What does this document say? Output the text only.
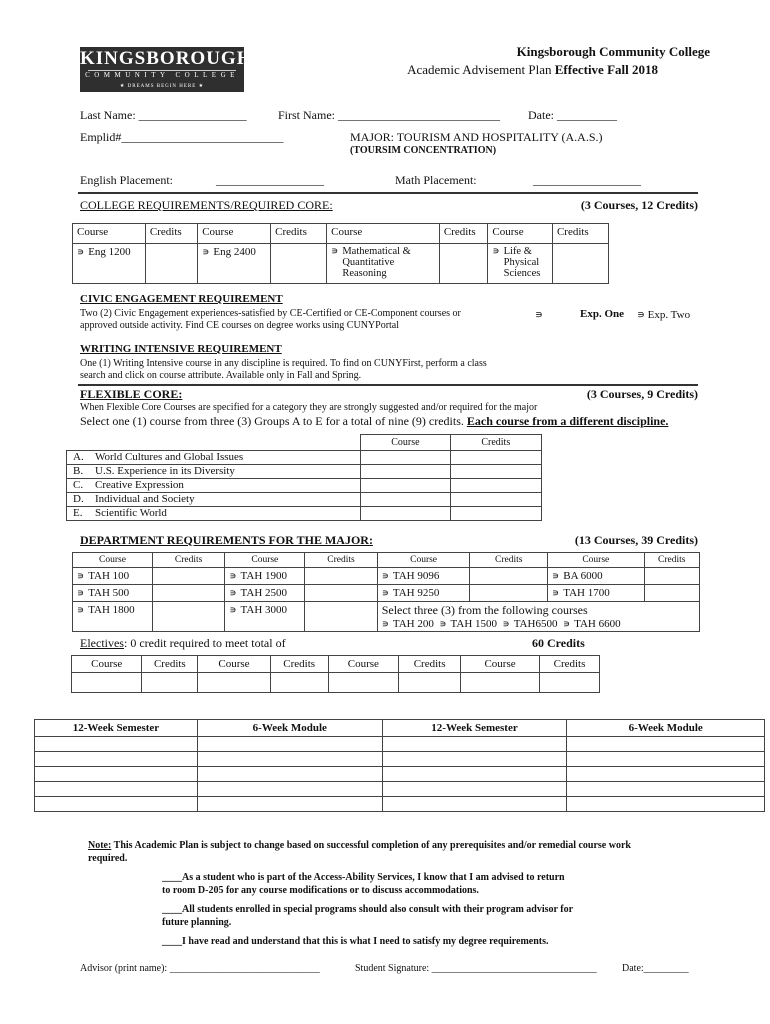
KINGSBOROUGH
COMMUNITY COLLEGE
★ DREAMS BEGIN HERE ★
Kingsborough Community College
Academic Advisement Plan Effective Fall 2018
Last Name: __________________	First Name: ___________________________ Date: __________
Emplid#___________________________	MAJOR: TOURISM AND HOSPITALITY (A.A.S.)
(TOURSIM CONCENTRATION)
English Placement:	__________________	Math Placement:	__________________
COLLEGE REQUIREMENTS/REQUIRED CORE:	(3 Courses, 12 Credits)
Course	Credits	Course	Credits	Course	Credits	Course	Credits
∍ Eng 1200		∍ Eng 2400		∍ Mathematical & Quantitative Reasoning		∍ Life & Physical Sciences	

CIVIC ENGAGEMENT REQUIREMENT
Two (2) Civic Engagement experiences-satisfied by CE-Certified or CE-Component courses or
approved outside activity. Find CE courses on degree works using CUNYPortal
∍	Exp. One ∍ Exp. Two
WRITING INTENSIVE REQUIREMENT
One (1) Writing Intensive course in any discipline is required. To find on CUNYFirst, perform a class
search and click on course attribute. Available only in Fall and Spring.
FLEXIBLE CORE:	(3 Courses, 9 Credits)
When Flexible Core Courses are specified for a category they are strongly suggested and/or required for the major
Select one (1) course from three (3) Groups A to E for a total of nine (9) credits. Each course from a different discipline.
	Course	Credits
A. World Cultures and Global Issues		
B. U.S. Experience in its Diversity		
C. Creative Expression		
D. Individual and Society		
E. Scientific World		
DEPARTMENT REQUIREMENTS FOR THE MAJOR:	(13 Courses, 39 Credits)
Course	Credits	Course	Credits	Course	Credits	Course	Credits
∍ TAH 100		∍ TAH 1900		∍ TAH 9096		∍ BA 6000	
∍ TAH 500		∍ TAH 2500		∍ TAH 9250		∍ TAH 1700	
∍ TAH 1800		∍ TAH 3000		Select three (3) from the following courses
∍ TAH 200 ∍ TAH 1500 ∍ TAH6500 ∍ TAH 6600			
Electives: 0 credit required to meet total of	60 Credits
Course	Credits	Course	Credits	Course	Credits	Course	Credits

12-Week Semester	6-Week Module	12-Week Semester	6-Week Module

Note: This Academic Plan is subject to change based on successful completion of any prerequisites and/or remedial course work
required.
____As a student who is part of the Access-Ability Services, I know that I am advised to return
to room D-205 for any course modifications or to discuss accommodations.
____All students enrolled in special programs should also consult with their program advisor for
future planning.
____I have read and understand that this is what I need to satisfy my degree requirements.
Advisor (print name): ______________________________	Student Signature: _________________________________	Date:_________
